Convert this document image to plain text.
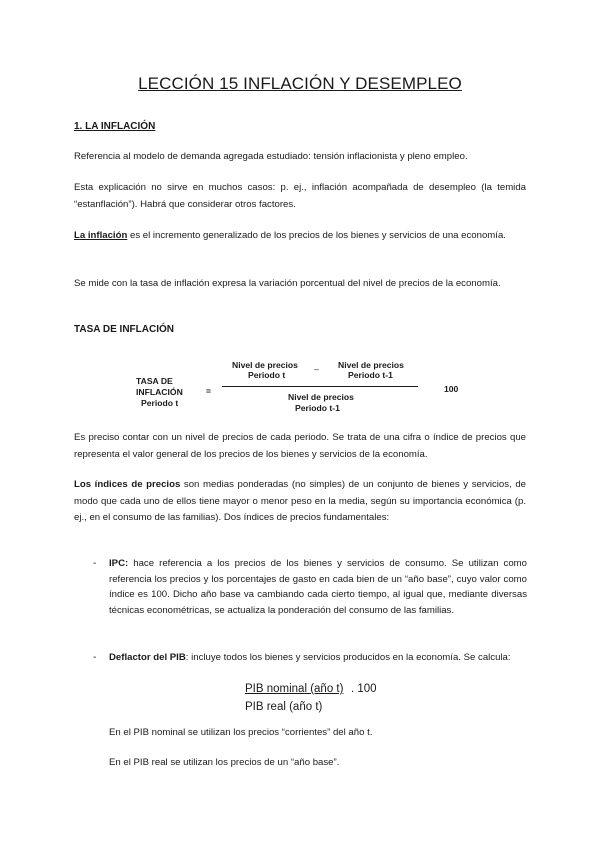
LECCIÓN 15 INFLACIÓN Y DESEMPLEO
1. LA INFLACIÓN

Referencia al modelo de demanda agregada estudiado: tensión inflacionista y pleno empleo.

Esta explicación no sirve en muchos casos: p. ej., inflación acompañada de desempleo (la temida “estanflación”). Habrá que considerar otros factores.

La inflación es el incremento generalizado de los precios de los bienes y servicios de una economía.

Se mide con la tasa de inflación expresa la variación porcentual del nivel de precios de la economía.

TASA DE INFLACIÓN
TASA DE
INFLACIÓN
Periodo t
=
Nivel de precios
Periodo t
– Nivel de precios
Periodo t-1
Nivel de precios
Periodo t-1
100

Es preciso contar con un nivel de precios de cada periodo. Se trata de una cifra o índice de precios que representa el valor general de los precios de los bienes y servicios de la economía.

Los índices de precios son medias ponderadas (no simples) de un conjunto de bienes y servicios, de modo que cada uno de ellos tiene mayor o menor peso en la media, según su importancia económica (p. ej., en el consumo de las familias). Dos índices de precios fundamentales:

- IPC: hace referencia a los precios de los bienes y servicios de consumo. Se utilizan como referencia los precios y los porcentajes de gasto en cada bien de un “año base”, cuyo valor como índice es 100. Dicho año base va cambiando cada cierto tiempo, al igual que, mediante diversas técnicas econométricas, se actualiza la ponderación del consumo de las familias.

- Deflactor del PIB: incluye todos los bienes y servicios producidos en la economía. Se calcula:

PIB nominal (año t) . 100
PIB real (año t)

En el PIB nominal se utilizan los precios “corrientes” del año t.

En el PIB real se utilizan los precios de un “año base”.
